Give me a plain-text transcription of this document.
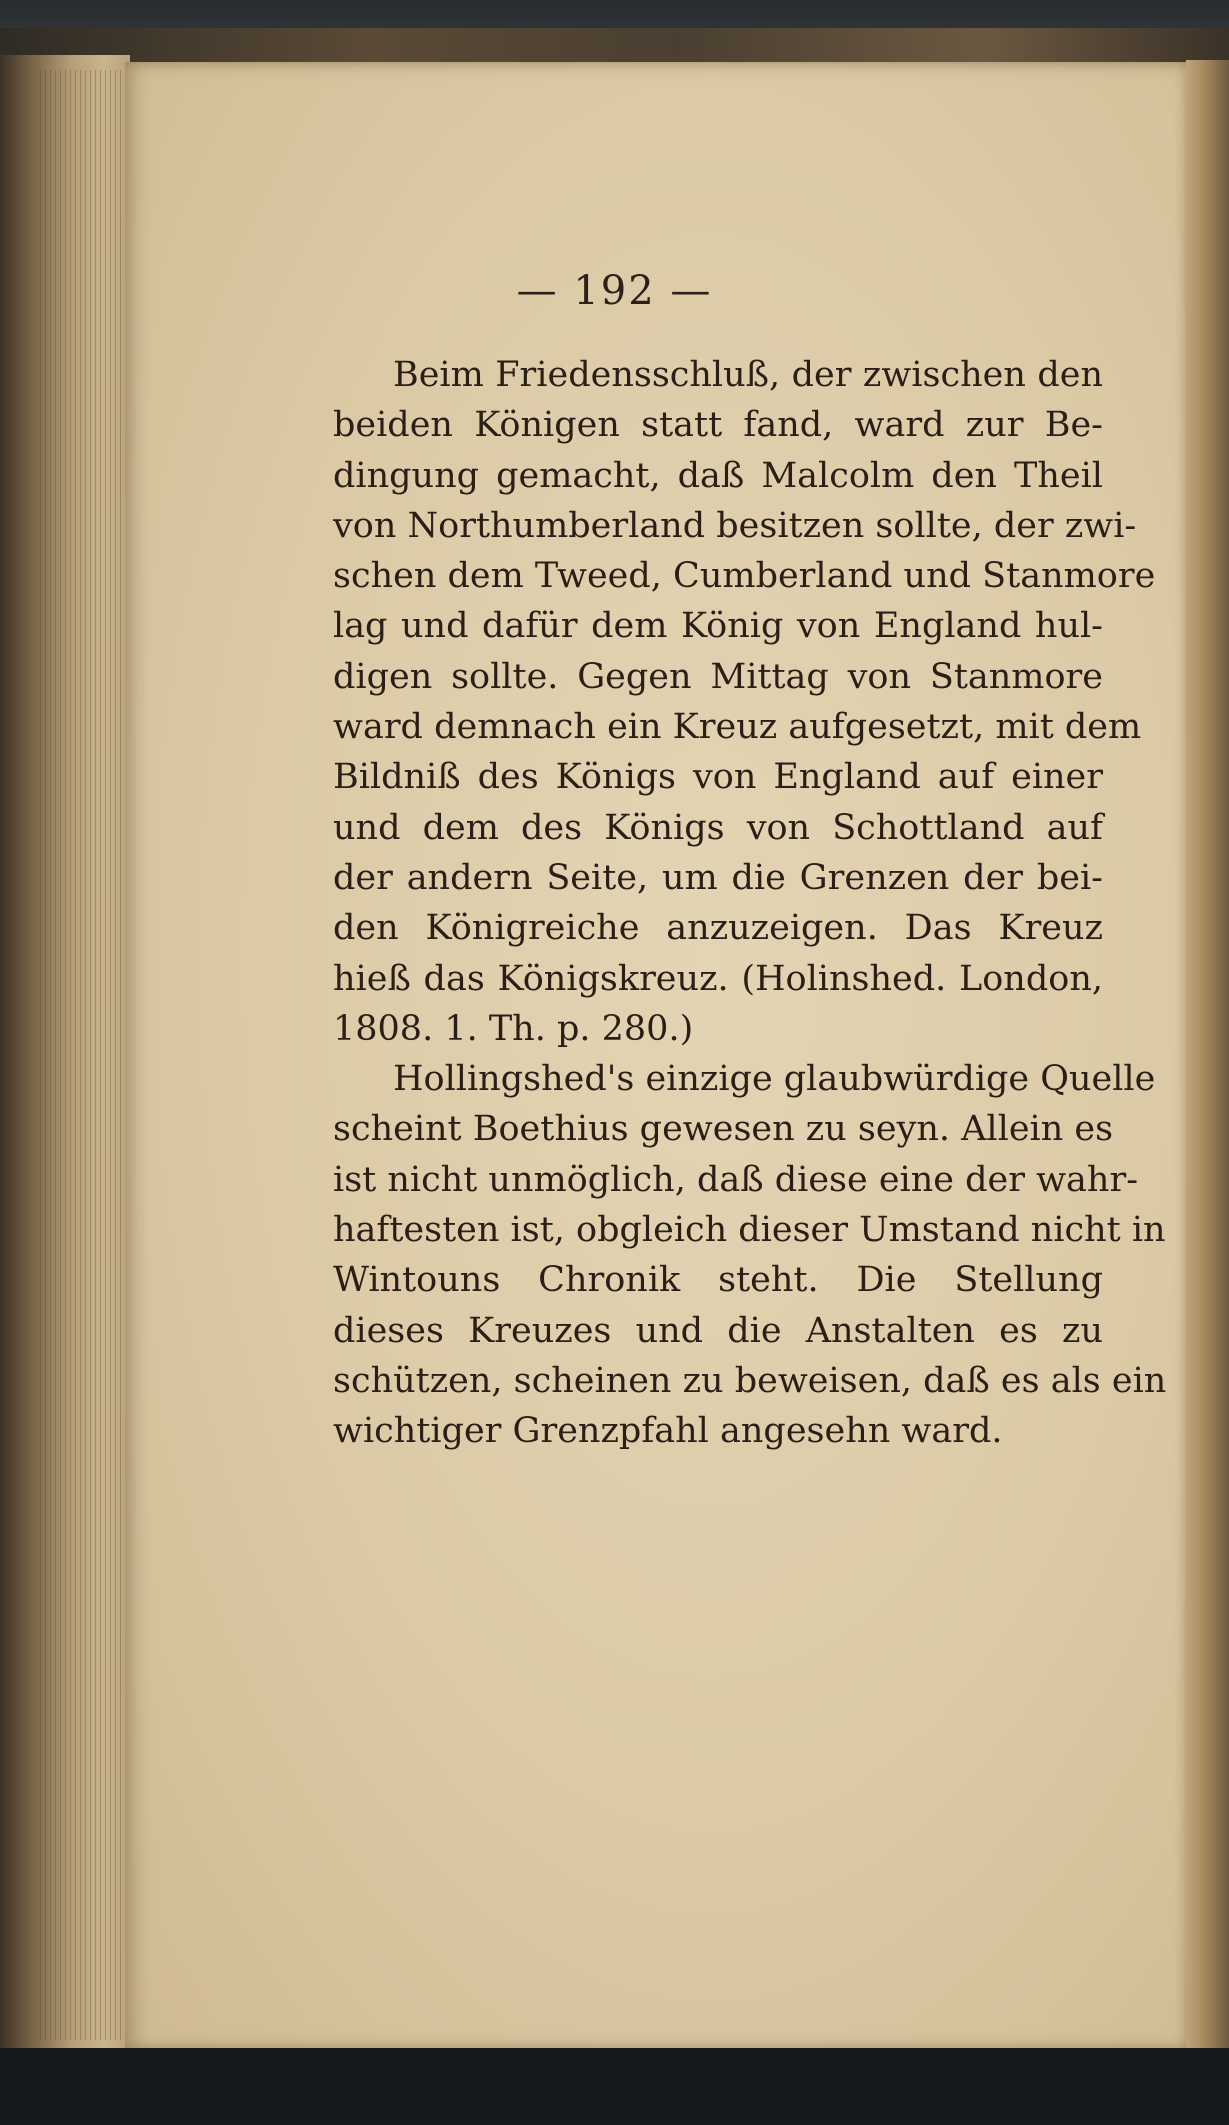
— 192 —
Beim Friedensschluß, der zwischen den
beiden Königen statt fand, ward zur Be-
dingung gemacht, daß Malcolm den Theil
von Northumberland besitzen sollte, der zwi-
schen dem Tweed, Cumberland und Stanmore
lag und dafür dem König von England hul-
digen sollte. Gegen Mittag von Stanmore
ward demnach ein Kreuz aufgesetzt, mit dem
Bildniß des Königs von England auf einer
und dem des Königs von Schottland auf
der andern Seite, um die Grenzen der bei-
den Königreiche anzuzeigen. Das Kreuz
hieß das Königskreuz. (Holinshed. London,
1808. 1. Th. p. 280.)
Hollingshed's einzige glaubwürdige Quelle
scheint Boethius gewesen zu seyn. Allein es
ist nicht unmöglich, daß diese eine der wahr-
haftesten ist, obgleich dieser Umstand nicht in
Wintouns Chronik steht. Die Stellung
dieses Kreuzes und die Anstalten es zu
schützen, scheinen zu beweisen, daß es als ein
wichtiger Grenzpfahl angesehn ward.
